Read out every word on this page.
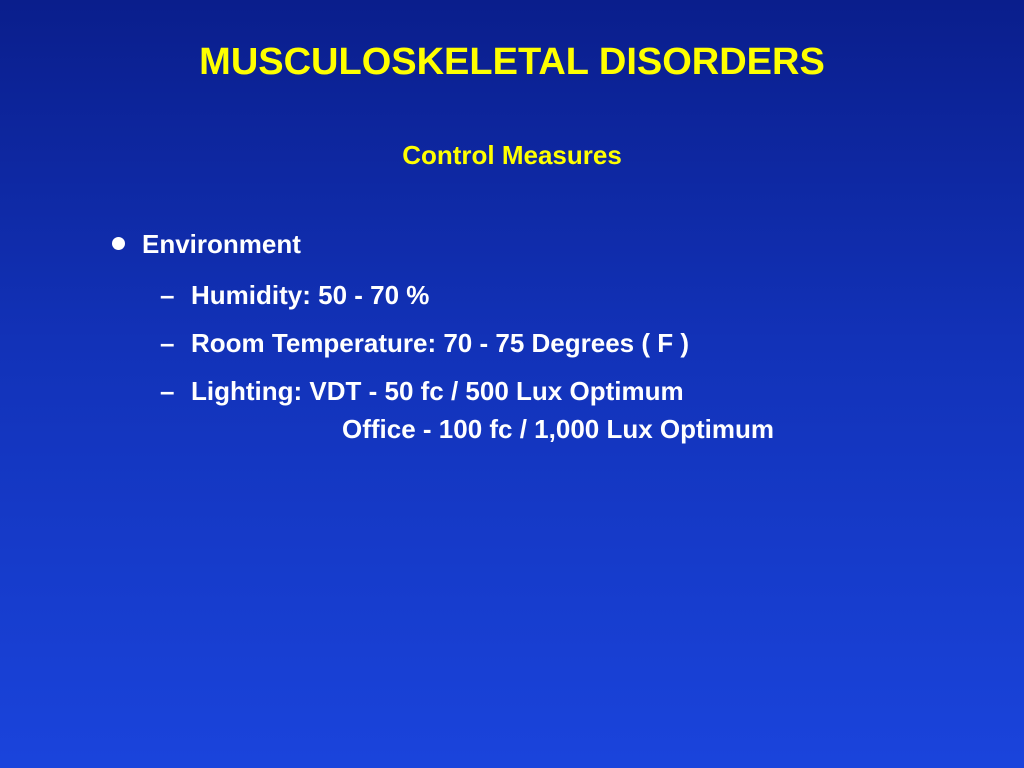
MUSCULOSKELETAL DISORDERS
Control Measures
Environment
– Humidity: 50 - 70 %
– Room Temperature: 70 - 75 Degrees ( F )
– Lighting: VDT - 50 fc / 500 Lux Optimum
Office - 100 fc / 1,000 Lux Optimum
